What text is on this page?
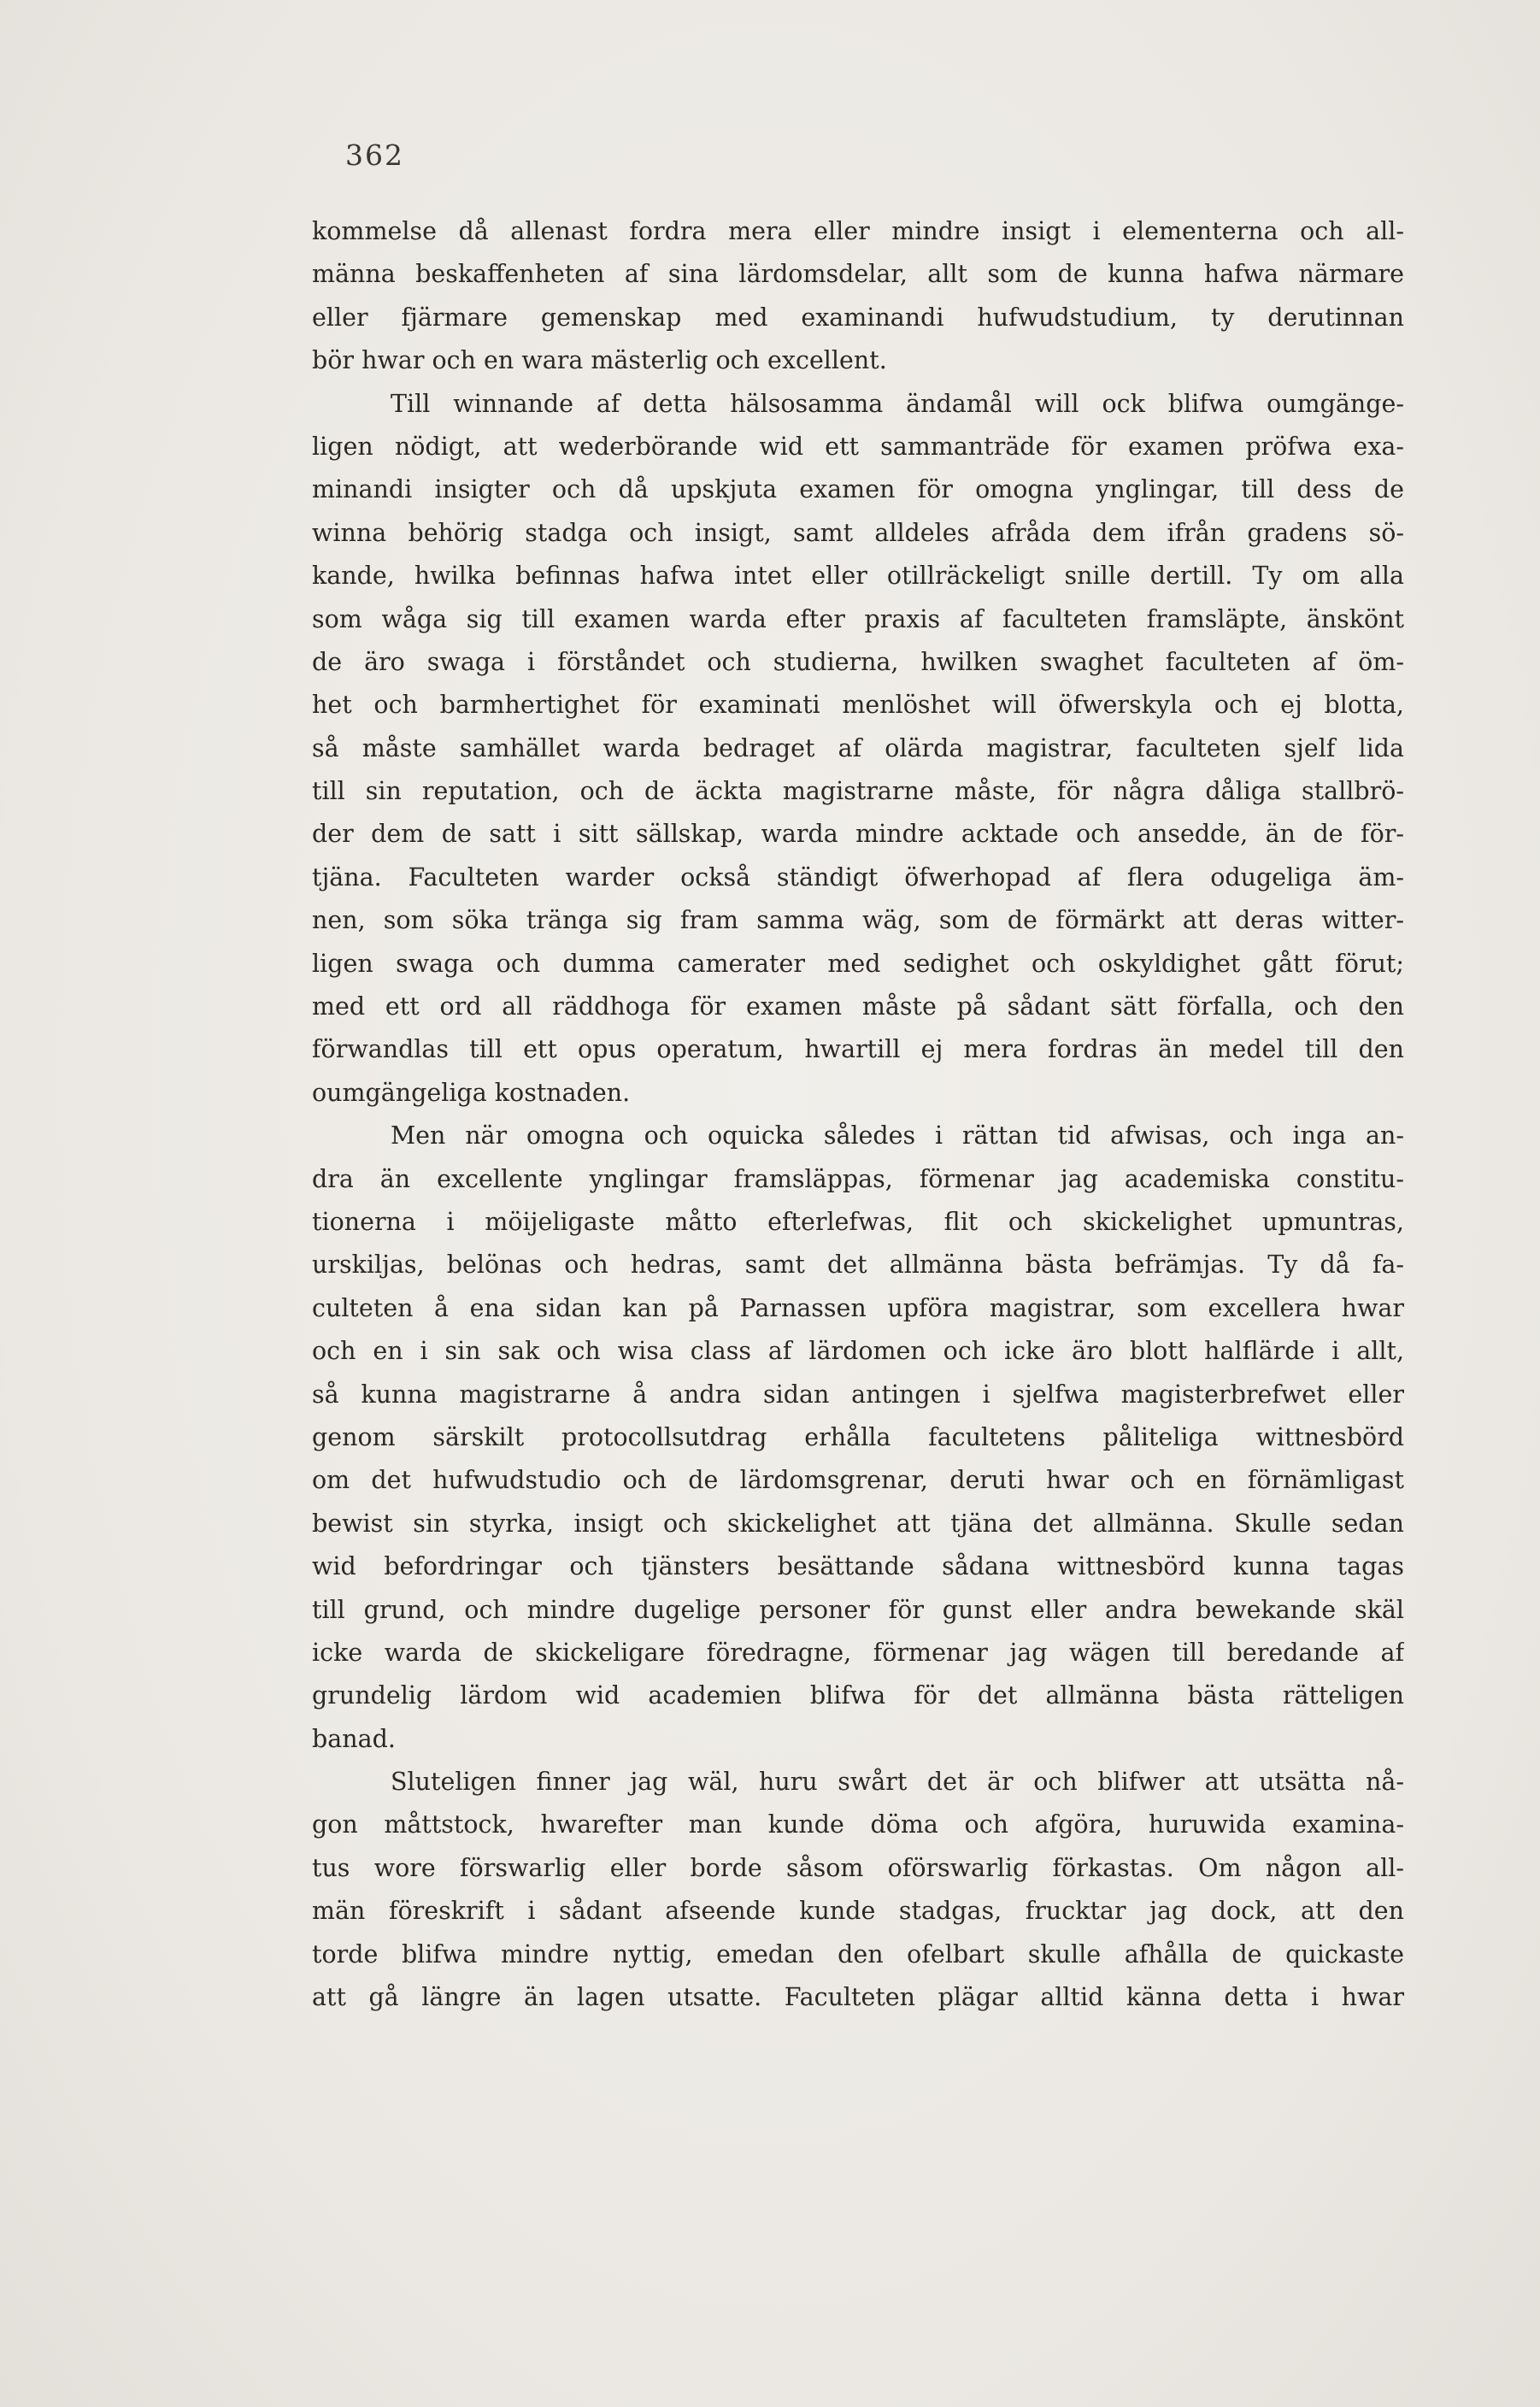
362

kommelse då allenast fordra mera eller mindre insigt i elementerna och all-
männa beskaffenheten af sina lärdomsdelar, allt som de kunna hafwa närmare
eller fjärmare gemenskap med examinandi hufwudstudium, ty derutinnan
bör hwar och en wara mästerlig och excellent.
Till winnande af detta hälsosamma ändamål will ock blifwa oumgänge-
ligen nödigt, att wederbörande wid ett sammanträde för examen pröfwa exa-
minandi insigter och då upskjuta examen för omogna ynglingar, till dess de
winna behörig stadga och insigt, samt alldeles afråda dem ifrån gradens sö-
kande, hwilka befinnas hafwa intet eller otillräckeligt snille dertill. Ty om alla
som wåga sig till examen warda efter praxis af faculteten framsläpte, änskönt
de äro swaga i förståndet och studierna, hwilken swaghet faculteten af öm-
het och barmhertighet för examinati menlöshet will öfwerskyla och ej blotta,
så måste samhället warda bedraget af olärda magistrar, faculteten sjelf lida
till sin reputation, och de äckta magistrarne måste, för några dåliga stallbrö-
der dem de satt i sitt sällskap, warda mindre acktade och ansedde, än de för-
tjäna. Faculteten warder också ständigt öfwerhopad af flera odugeliga äm-
nen, som söka tränga sig fram samma wäg, som de förmärkt att deras witter-
ligen swaga och dumma camerater med sedighet och oskyldighet gått förut;
med ett ord all räddhoga för examen måste på sådant sätt förfalla, och den
förwandlas till ett opus operatum, hwartill ej mera fordras än medel till den
oumgängeliga kostnaden.
Men när omogna och oquicka således i rättan tid afwisas, och inga an-
dra än excellente ynglingar framsläppas, förmenar jag academiska constitu-
tionerna i möijeligaste måtto efterlefwas, flit och skickelighet upmuntras,
urskiljas, belönas och hedras, samt det allmänna bästa befrämjas. Ty då fa-
culteten å ena sidan kan på Parnassen upföra magistrar, som excellera hwar
och en i sin sak och wisa class af lärdomen och icke äro blott halflärde i allt,
så kunna magistrarne å andra sidan antingen i sjelfwa magisterbrefwet eller
genom särskilt protocollsutdrag erhålla facultetens påliteliga wittnesbörd
om det hufwudstudio och de lärdomsgrenar, deruti hwar och en förnämligast
bewist sin styrka, insigt och skickelighet att tjäna det allmänna. Skulle sedan
wid befordringar och tjänsters besättande sådana wittnesbörd kunna tagas
till grund, och mindre dugelige personer för gunst eller andra bewekande skäl
icke warda de skickeligare föredragne, förmenar jag wägen till beredande af
grundelig lärdom wid academien blifwa för det allmänna bästa rätteligen
banad.
Sluteligen finner jag wäl, huru swårt det är och blifwer att utsätta nå-
gon måttstock, hwarefter man kunde döma och afgöra, huruwida examina-
tus wore förswarlig eller borde såsom oförswarlig förkastas. Om någon all-
män föreskrift i sådant afseende kunde stadgas, frucktar jag dock, att den
torde blifwa mindre nyttig, emedan den ofelbart skulle afhålla de quickaste
att gå längre än lagen utsatte. Faculteten plägar alltid känna detta i hwar
